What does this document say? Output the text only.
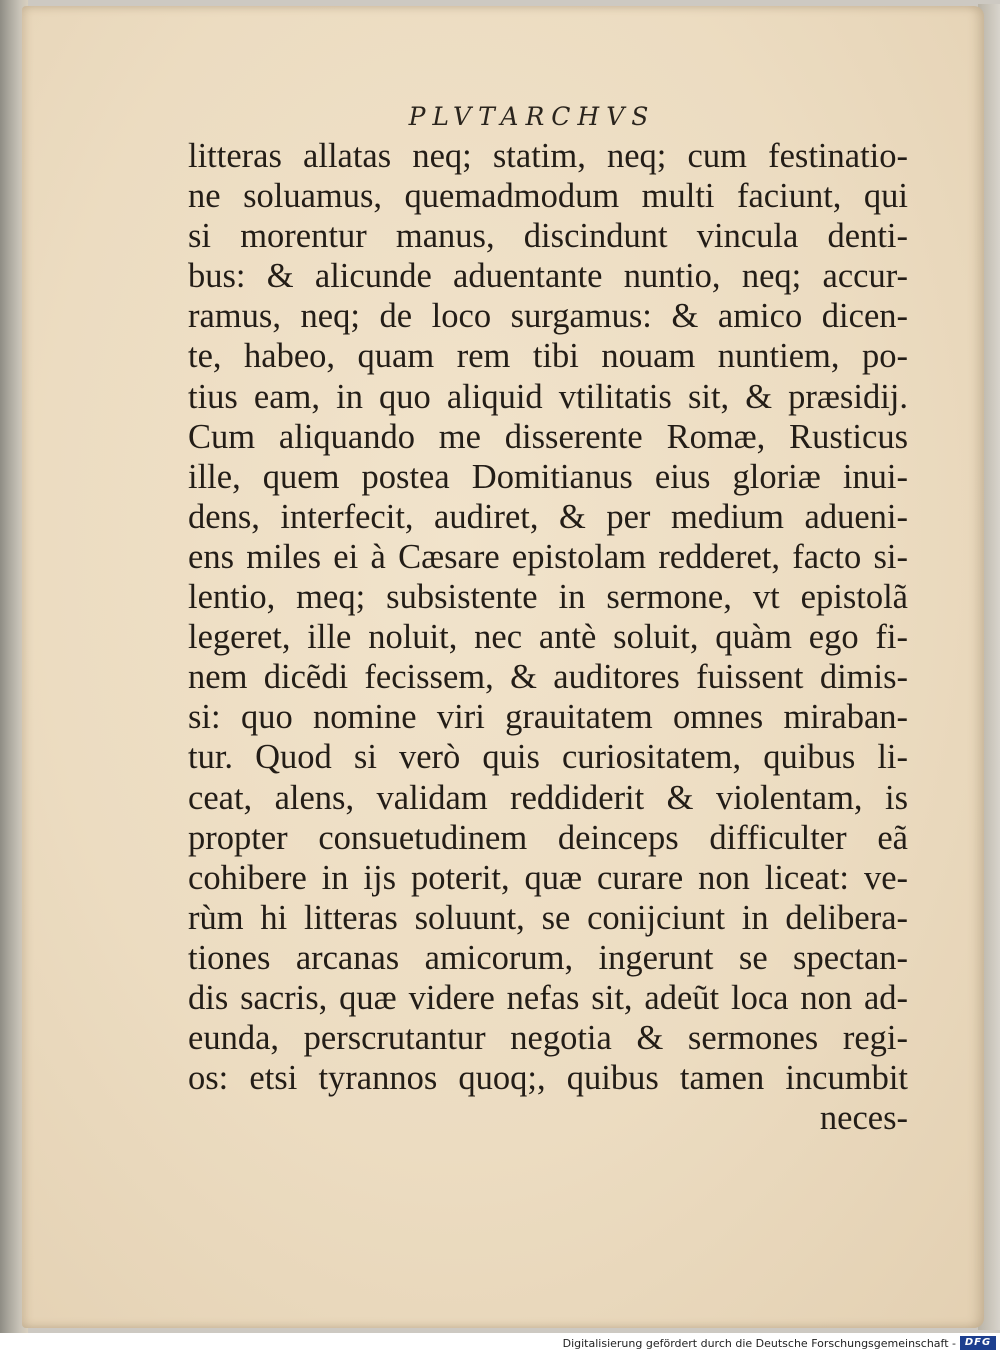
PLVTARCHVS
litteras allatas neq; statim, neq; cum festinatio-
ne soluamus, quemadmodum multi faciunt, qui
si morentur manus, discindunt vincula denti-
bus: & alicunde aduentante nuntio, neq; accur-
ramus, neq; de loco surgamus: & amico dicen-
te, habeo, quam rem tibi nouam nuntiem, po-
tius eam, in quo aliquid vtilitatis sit, & præsidij.
Cum aliquando me disserente Romæ, Rusticus
ille, quem postea Domitianus eius gloriæ inui-
dens, interfecit, audiret, & per medium adueni-
ens miles ei à Cæsare epistolam redderet, facto si-
lentio, meq; subsistente in sermone, vt epistolã
legeret, ille noluit, nec antè soluit, quàm ego fi-
nem dicẽdi fecissem, & auditores fuissent dimis-
si: quo nomine viri grauitatem omnes miraban-
tur. Quod si verò quis curiositatem, quibus li-
ceat, alens, validam reddiderit & violentam, is
propter consuetudinem deinceps difficulter eã
cohibere in ijs poterit, quæ curare non liceat: ve-
rùm hi litteras soluunt, se conijciunt in delibera-
tiones arcanas amicorum, ingerunt se spectan-
dis sacris, quæ videre nefas sit, adeũt loca non ad-
eunda, perscrutantur negotia & sermones regi-
os: etsi tyrannos quoq;, quibus tamen incumbit
neces-
Digitalisierung gefördert durch die Deutsche Forschungsgemeinschaft - DFG
